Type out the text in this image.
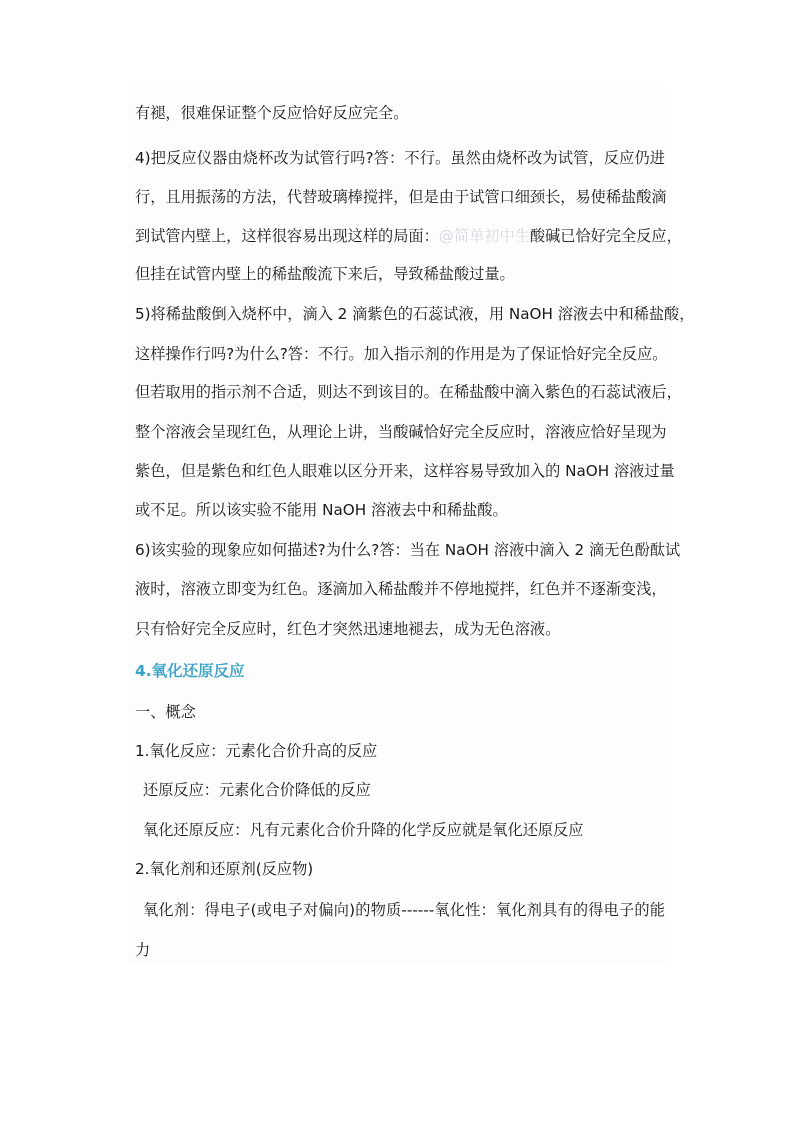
有褪，很难保证整个反应恰好反应完全。
4)把反应仪器由烧杯改为试管行吗?答：不行。虽然由烧杯改为试管，反应仍进
行，且用振荡的方法，代替玻璃棒搅拌，但是由于试管口细颈长，易使稀盐酸滴
到试管内壁上，这样很容易出现这样的局面：@简单初中生酸碱已恰好完全反应，
但挂在试管内壁上的稀盐酸流下来后，导致稀盐酸过量。
5)将稀盐酸倒入烧杯中，滴入 2 滴紫色的石蕊试液，用 NaOH 溶液去中和稀盐酸，
这样操作行吗?为什么?答：不行。加入指示剂的作用是为了保证恰好完全反应。
但若取用的指示剂不合适，则达不到该目的。在稀盐酸中滴入紫色的石蕊试液后，
整个溶液会呈现红色，从理论上讲，当酸碱恰好完全反应时，溶液应恰好呈现为
紫色，但是紫色和红色人眼难以区分开来，这样容易导致加入的 NaOH 溶液过量
或不足。所以该实验不能用 NaOH 溶液去中和稀盐酸。
6)该实验的现象应如何描述?为什么?答：当在 NaOH 溶液中滴入 2 滴无色酚酞试
液时，溶液立即变为红色。逐滴加入稀盐酸并不停地搅拌，红色并不逐渐变浅，
只有恰好完全反应时，红色才突然迅速地褪去，成为无色溶液。
4.氧化还原反应
一、概念
1.氧化反应：元素化合价升高的反应
还原反应：元素化合价降低的反应
氧化还原反应：凡有元素化合价升降的化学反应就是氧化还原反应
2.氧化剂和还原剂(反应物)
氧化剂：得电子(或电子对偏向)的物质------氧化性：氧化剂具有的得电子的能
力
